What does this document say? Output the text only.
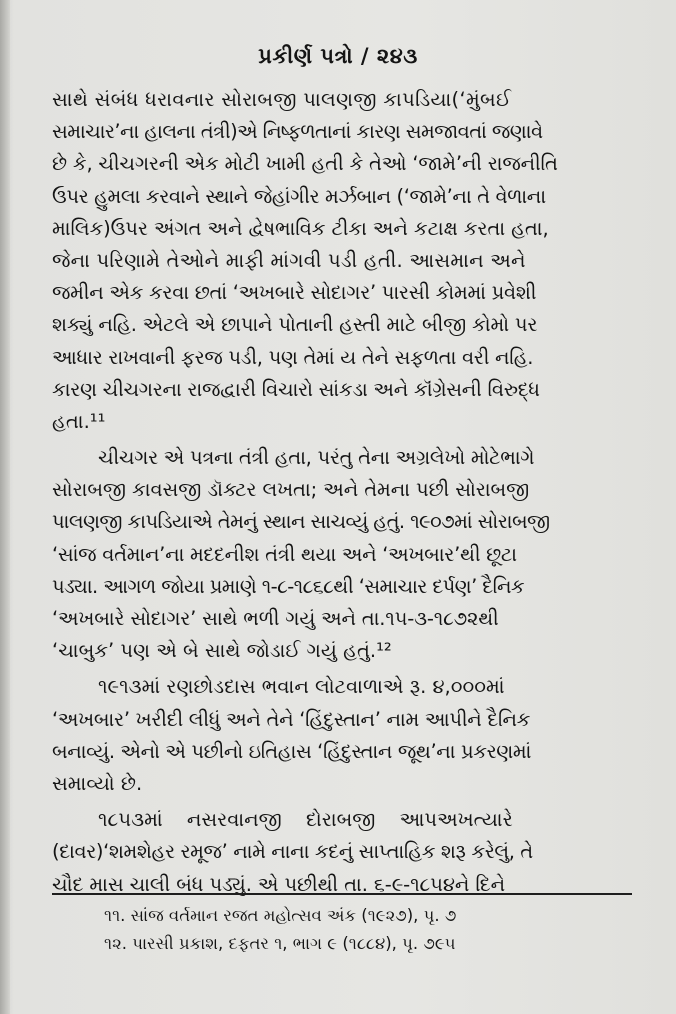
પ્રકીર્ણ પત્રો / ૨૪૩
સાથે સંબંધ ધરાવનાર સોરાબજી પાલણજી કાપડિયા(‘મુંબઈ
સમાચાર’ના હાલના તંત્રી)એ નિષ્ફળતાનાં કારણ સમજાવતાં જણાવે
છે કે, ચીચગરની એક મોટી ખામી હતી કે તેઓ ‘જામે’ની રાજનીતિ
ઉપર હુમલા કરવાને સ્થાને જેહાંગીર મર્ઝબાન (‘જામે’ના તે વેળાના
માલિક)ઉપર અંગત અને દ્વેષભાવિક ટીકા અને કટાક્ષ કરતા હતા,
જેના પરિણામે તેઓને માફી માંગવી પડી હતી. આસમાન અને
જમીન એક કરવા છતાં ‘અખબારે સોદાગર’ પારસી કોમમાં પ્રવેશી
શક્યું નહિ. એટલે એ છાપાને પોતાની હસ્તી માટે બીજી કોમો પર
આધાર રાખવાની ફરજ પડી, પણ તેમાં ય તેને સફળતા વરી નહિ.
કારણ ચીચગરના રાજદ્વારી વિચારો સાંકડા અને કૉંગ્રેસની વિરુદ્ધ
હતા.¹¹
ચીચગર એ પત્રના તંત્રી હતા, પરંતુ તેના અગ્રલેખો મોટેભાગે
સોરાબજી કાવસજી ડૉક્ટર લખતા; અને તેમના પછી સોરાબજી
પાલણજી કાપડિયાએ તેમનું સ્થાન સાચવ્યું હતું. ૧૯૦૭માં સોરાબજી
‘સાંજ વર્તમાન’ના મદદનીશ તંત્રી થયા અને ‘અખબાર’થી છૂટા
પડ્યા. આગળ જોયા પ્રમાણે ૧-૮-૧૮૬૮થી ‘સમાચાર દર્પણ’ દૈનિક
‘અખબારે સોદાગર’ સાથે ભળી ગયું અને તા.૧૫-૩-૧૮૭૨થી
‘ચાબુક’ પણ એ બે સાથે જોડાઈ ગયું હતું.¹²
૧૯૧૩માં રણછોડદાસ ભવાન લોટવાળાએ રૂ. ૪,૦૦૦માં
‘અખબાર’ ખરીદી લીધું અને તેને ‘હિંદુસ્તાન’ નામ આપીને દૈનિક
બનાવ્યું. એનો એ પછીનો ઇતિહાસ ‘હિંદુસ્તાન જૂથ’ના પ્રકરણમાં
સમાવ્યો છે.
૧૮૫૩માં નસરવાનજી દોરાબજી આપઅખત્યારે
(દાવર)‘શમશેહર રમૂજ’ નામે નાના કદનું સાપ્તાહિક શરૂ કરેલું, તે
ચૌદ માસ ચાલી બંધ પડ્યું. એ પછીથી તા. ૬-૯-૧૮૫૪ને દિને
૧૧. સાંજ વર્તમાન રજત મહોત્સવ અંક (૧૯૨૭), પૃ. ૭
૧૨. પારસી પ્રકાશ, દફતર ૧, ભાગ ૯ (૧૮૮૪), પૃ. ૭૯૫
